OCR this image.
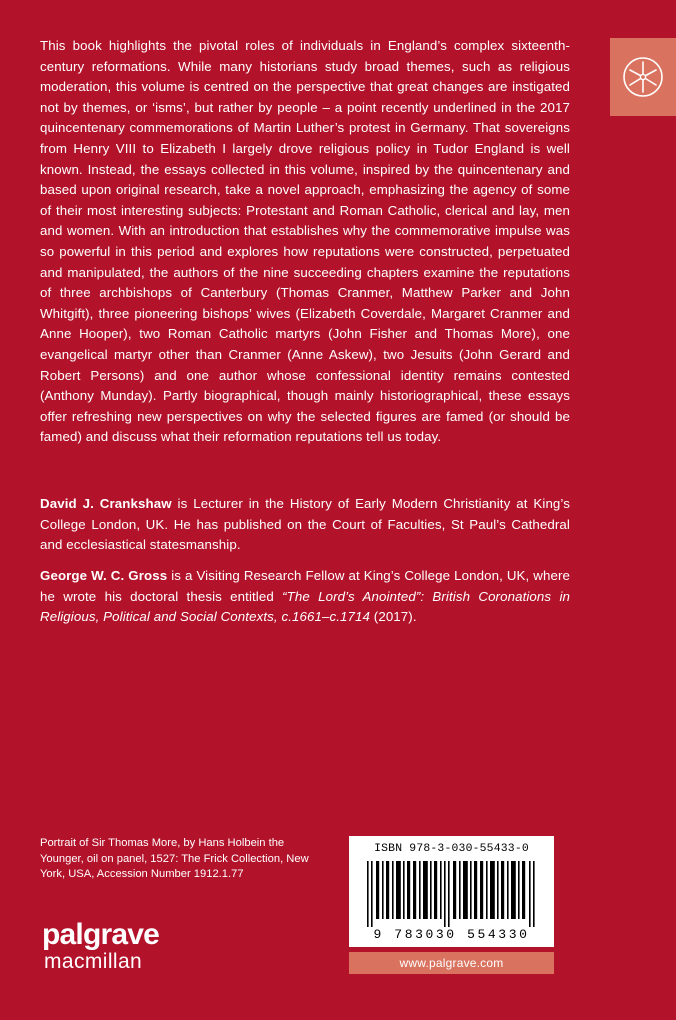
This book highlights the pivotal roles of individuals in England’s complex sixteenth-century reformations. While many historians study broad themes, such as religious moderation, this volume is centred on the perspective that great changes are instigated not by themes, or ‘isms’, but rather by people – a point recently underlined in the 2017 quincentenary commemorations of Martin Luther’s protest in Germany. That sovereigns from Henry VIII to Elizabeth I largely drove religious policy in Tudor England is well known. Instead, the essays collected in this volume, inspired by the quincentenary and based upon original research, take a novel approach, emphasizing the agency of some of their most interesting subjects: Protestant and Roman Catholic, clerical and lay, men and women. With an introduction that establishes why the commemorative impulse was so powerful in this period and explores how reputations were constructed, perpetuated and manipulated, the authors of the nine succeeding chapters examine the reputations of three archbishops of Canterbury (Thomas Cranmer, Matthew Parker and John Whitgift), three pioneering bishops’ wives (Elizabeth Coverdale, Margaret Cranmer and Anne Hooper), two Roman Catholic martyrs (John Fisher and Thomas More), one evangelical martyr other than Cranmer (Anne Askew), two Jesuits (John Gerard and Robert Persons) and one author whose confessional identity remains contested (Anthony Munday). Partly biographical, though mainly historiographical, these essays offer refreshing new perspectives on why the selected figures are famed (or should be famed) and discuss what their reformation reputations tell us today.
David J. Crankshaw is Lecturer in the History of Early Modern Christianity at King’s College London, UK. He has published on the Court of Faculties, St Paul’s Cathedral and ecclesiastical statesmanship.
George W. C. Gross is a Visiting Research Fellow at King’s College London, UK, where he wrote his doctoral thesis entitled “The Lord’s Anointed”: British Coronations in Religious, Political and Social Contexts, c.1661–c.1714 (2017).
Portrait of Sir Thomas More, by Hans Holbein the Younger, oil on panel, 1527: The Frick Collection, New York, USA, Accession Number 1912.1.77
palgrave
macmillan
ISBN 978-3-030-55433-0
9 783030 554330
www.palgrave.com
